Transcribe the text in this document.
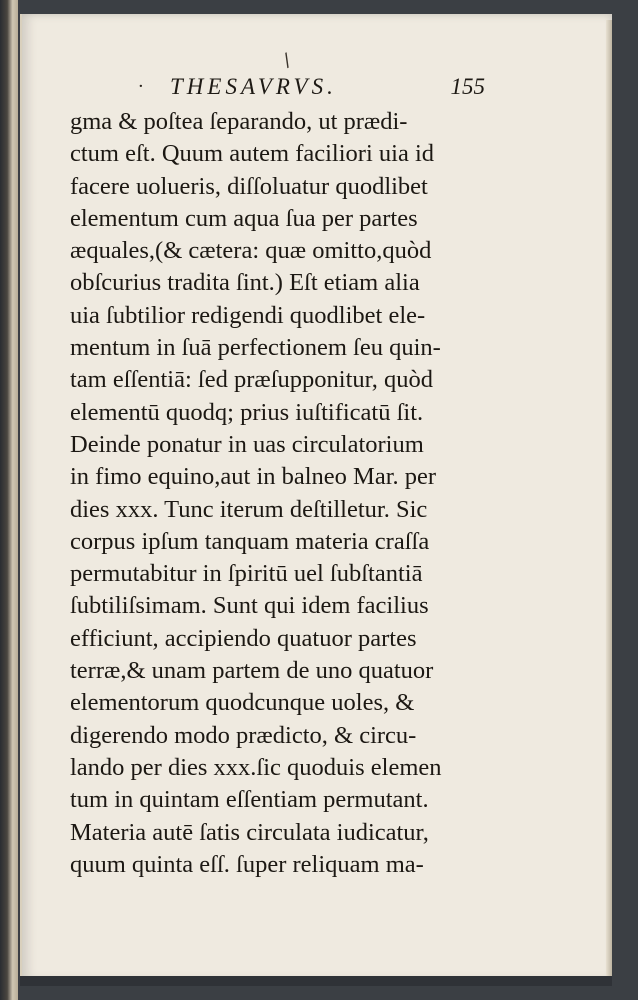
/
· THESAVRVS.	155
gma & poſtea ſeparando, ut prædi-
ctum eſt. Quum autem faciliori uia id
facere uolueris, diſſoluatur quodlibet
elementum cum aqua ſua per partes
æquales,(& cætera: quæ omitto,quòd
obſcurius tradita ſint.) Eſt etiam alia
uia ſubtilior redigendi quodlibet ele-
mentum in ſuā perfectionem ſeu quin-
tam eſſentiā: ſed præſupponitur, quòd
elementū quodq; prius iuſtificatū ſit.
Deinde ponatur in uas circulatorium
in fimo equino,aut in balneo Mar. per
dies xxx. Tunc iterum deſtilletur. Sic
corpus ipſum tanquam materia craſſa
permutabitur in ſpiritū uel ſubſtantiā
ſubtiliſsimam. Sunt qui idem facilius
efficiunt, accipiendo quatuor partes
terræ,& unam partem de uno quatuor
elementorum quodcunque uoles, &
digerendo modo prædicto, & circu-
lando per dies xxx.ſic quoduis elemen
tum in quintam eſſentiam permutant.
Materia autē ſatis circulata iudicatur,
quum quinta eſſ. ſuper reliquam ma-
